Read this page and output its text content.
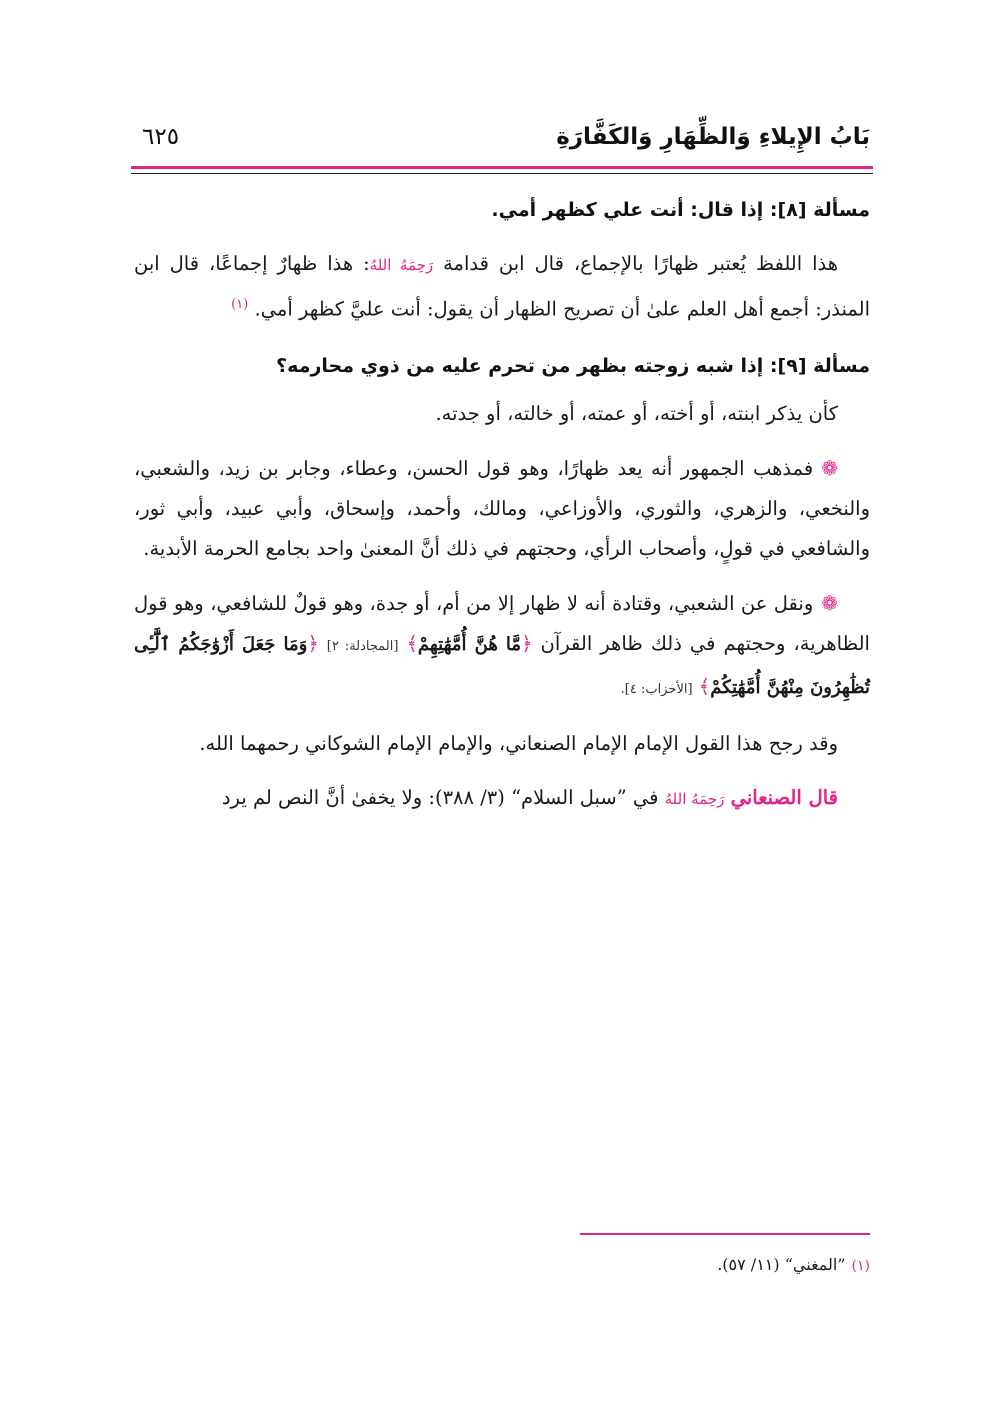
بَابُ الإِيلاءِ وَالظِّهَارِ وَالكَفَّارَةِ
٦٢٥

مسألة [٨]: إذا قال: أنت علي كظهر أمي.

هذا اللفظ يُعتبر ظهارًا بالإجماع، قال ابن قدامة رَحِمَهُ اللهُ: هذا ظهارٌ إجماعًا، قال ابن المنذر: أجمع أهل العلم علىٰ أن تصريح الظهار أن يقول: أنت عليَّ كظهر أمي. $^{(١)}$

مسألة [٩]: إذا شبه زوجته بظهر من تحرم عليه من ذوي محارمه؟

كأن يذكر ابنته، أو أخته، أو عمته، أو خالته، أو جدته.

❁فمذهب الجمهور أنه يعد ظهارًا، وهو قول الحسن، وعطاء، وجابر بن زيد، والشعبي، والنخعي، والزهري، والثوري، والأوزاعي، ومالك، وأحمد، وإسحاق، وأبي عبيد، وأبي ثور، والشافعي في قولٍ، وأصحاب الرأي، وحجتهم في ذلك أنَّ المعنىٰ واحد بجامع الحرمة الأبدية.

❁ونقل عن الشعبي، وقتادة أنه لا ظهار إلا من أم، أو جدة، وهو قولٌ للشافعي، وهو قول الظاهرية، وحجتهم في ذلك ظاهر القرآن ﴿مَّا هُنَّ أُمَّهَٰتِهِمْ﴾ [المجادلة: ٢] ﴿وَمَا جَعَلَ أَزْوَٰجَكُمُ ٱلَّٰٓـِٔى تُظَٰهِرُونَ مِنْهُنَّ أُمَّهَٰتِكُمْ﴾ [الأحزاب: ٤].

وقد رجح هذا القول الإمام الإمام الصنعاني، والإمام الإمام الشوكاني رحمهما الله.

قال الصنعاني رَحِمَهُ اللهُ في ”سبل السلام“ (٣/ ٣٨٨): ولا يخفىٰ أنَّ النص لم يرد

(١)”المغني“ (١١/ ٥٧).
